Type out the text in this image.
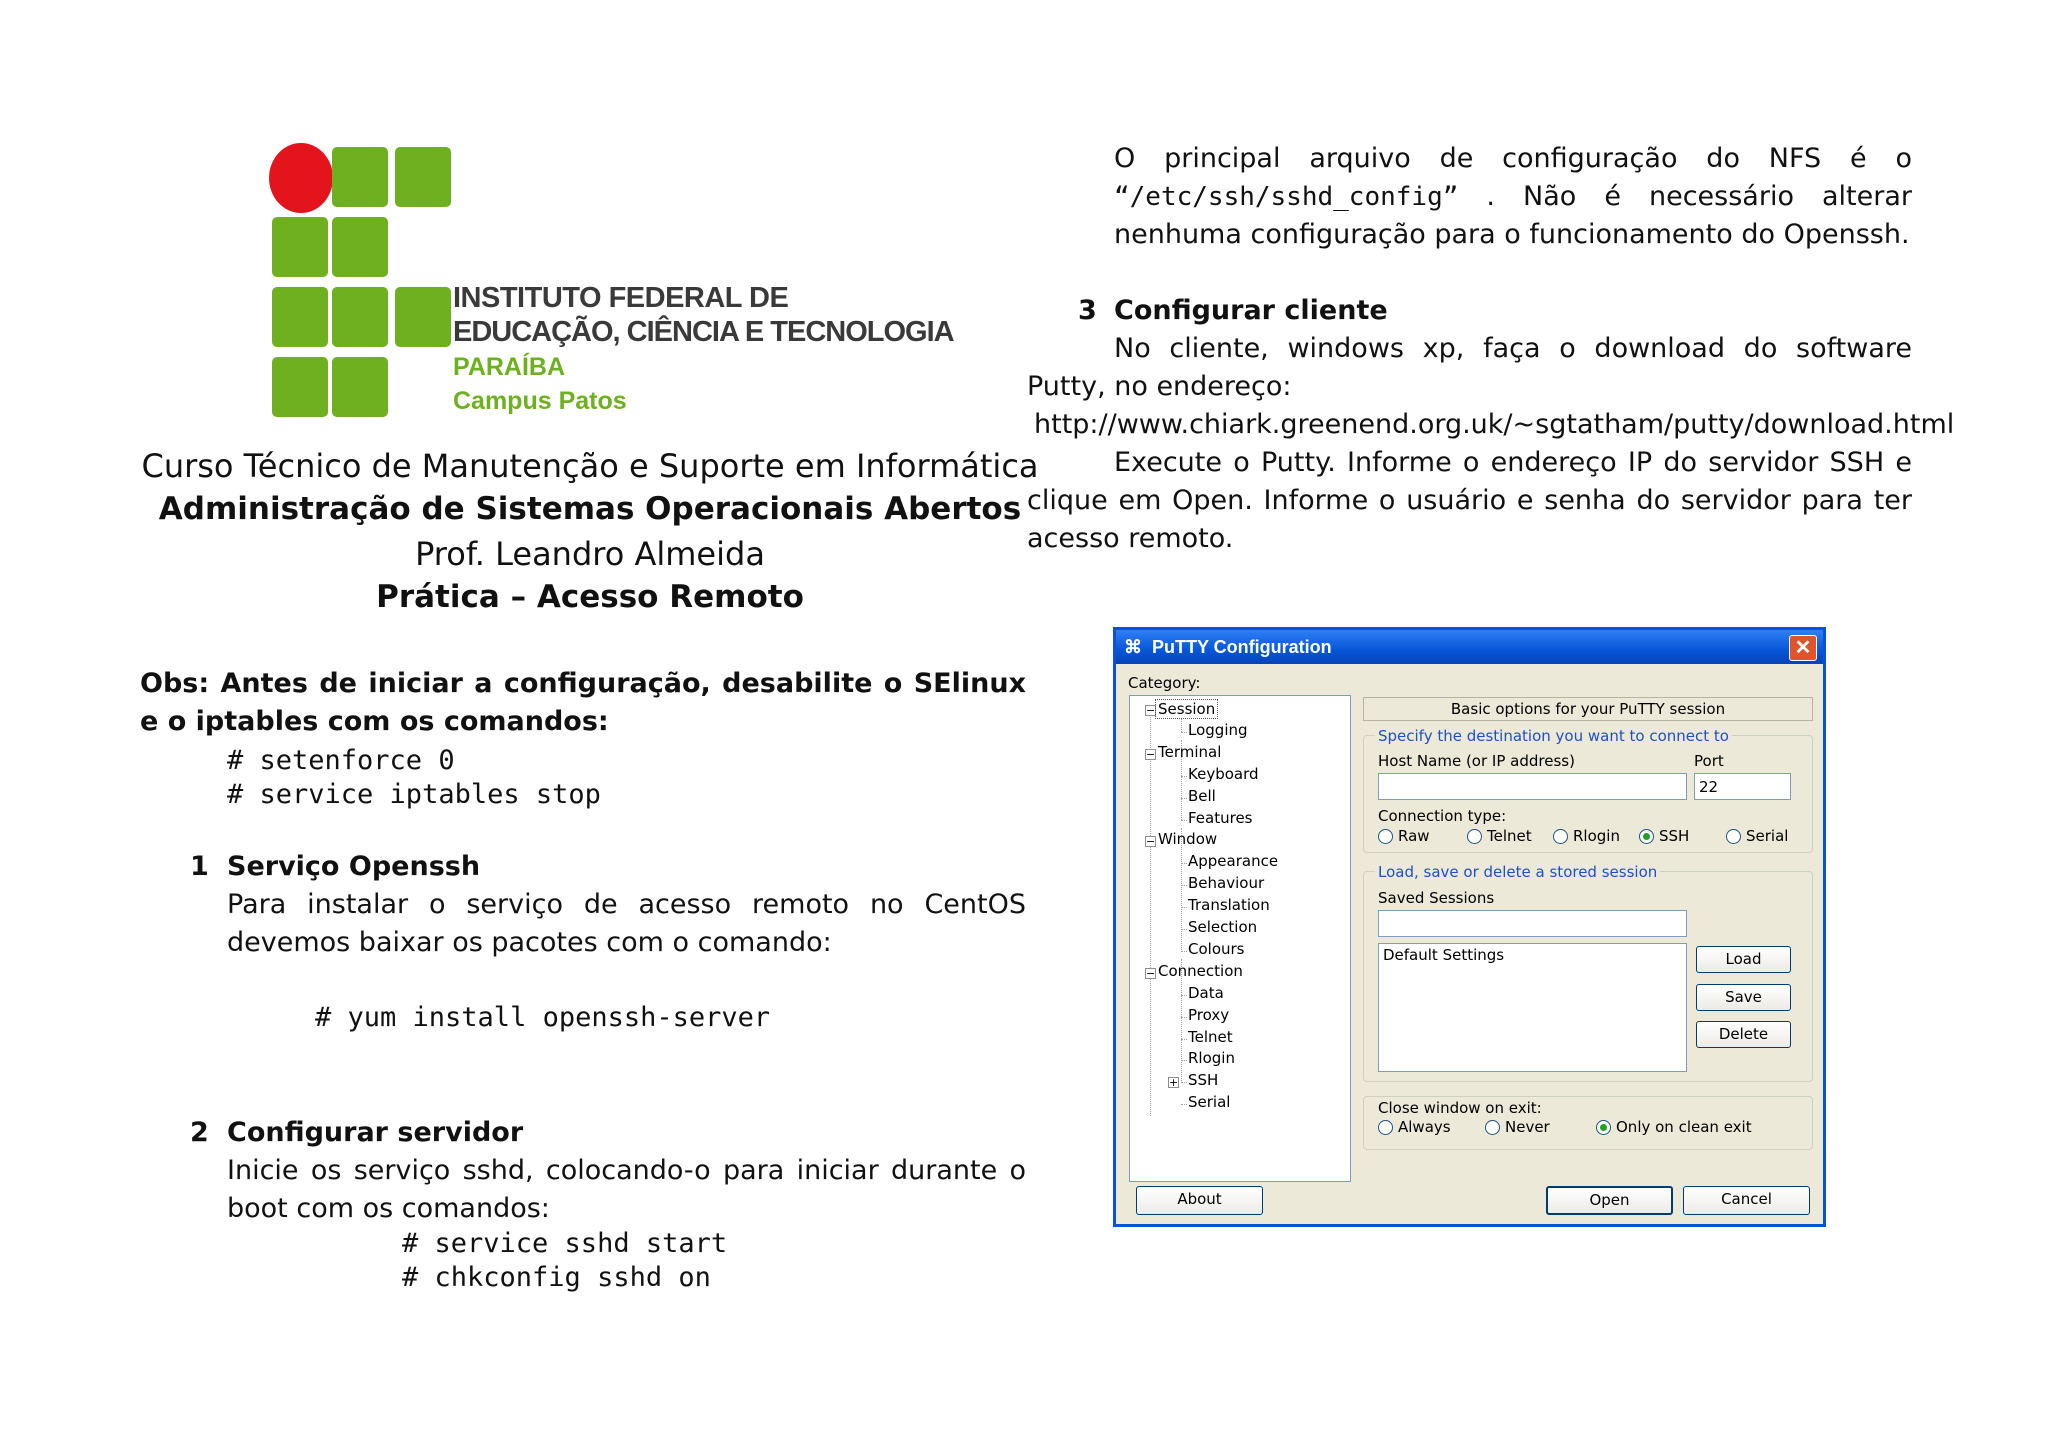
INSTITUTO FEDERAL DE
EDUCAÇÃO, CIÊNCIA E TECNOLOGIA
PARAÍBA
Campus Patos
Curso Técnico de Manutenção e Suporte em Informática
Administração de Sistemas Operacionais Abertos
Prof. Leandro Almeida
Prática – Acesso Remoto
Obs: Antes de iniciar a configuração, desabilite o SElinux e o iptables com os comandos:
# setenforce 0
# service iptables stop
1 Serviço Openssh
Para instalar o serviço de acesso remoto no CentOS devemos baixar os pacotes com o comando:
# yum install openssh-server
2 Configurar servidor
Inicie os serviço sshd, colocando-o para iniciar durante o boot com os comandos:
# service sshd start
# chkconfig sshd on
O principal arquivo de configuração do NFS é o “/etc/ssh/sshd_config” . Não é necessário alterar nenhuma configuração para o funcionamento do Openssh.
3 Configurar cliente
No cliente, windows xp, faça o download do software Putty, no endereço:
http://www.chiark.greenend.org.uk/~sgtatham/putty/download.html
Execute o Putty. Informe o endereço IP do servidor SSH e clique em Open. Informe o usuário e senha do servidor para ter acesso remoto.
⌘ PuTTY Configuration	✕
Category:
− Session
Logging
− Terminal
Keyboard
Bell
Features
− Window
Appearance
Behaviour
Translation
Selection
Colours
− Connection
Data
Proxy
Telnet
Rlogin
+ SSH
Serial
Basic options for your PuTTY session
Specify the destination you want to connect to
Host Name (or IP address)	Port
22
Connection type:
Raw	Telnet	Rlogin	SSH	Serial
Load, save or delete a stored session
Saved Sessions
Default Settings	Load
Save
Delete
Close window on exit:
Always	Never	Only on clean exit
About	Open	Cancel
